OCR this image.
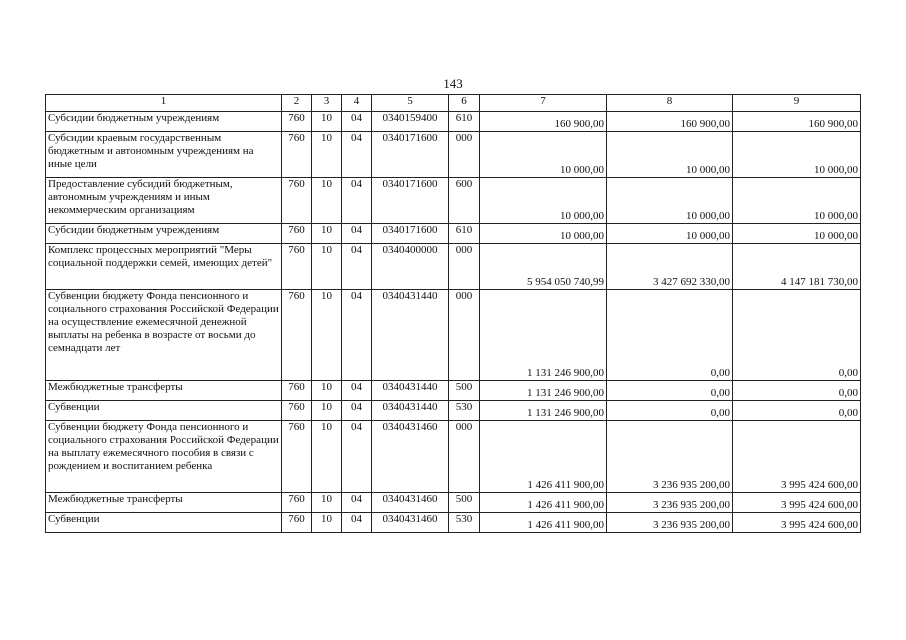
143
1	2	3	4	5	6	7	8	9
Субсидии бюджетным учреждениям	760	10	04	0340159400	610	160 900,00	160 900,00	160 900,00
Субсидии краевым государственным бюджетным и автономным учреждениям на иные цели	760	10	04	0340171600	000	10 000,00	10 000,00	10 000,00
Предоставление субсидий бюджетным, автономным учреждениям и иным некоммерческим организациям	760	10	04	0340171600	600	10 000,00	10 000,00	10 000,00
Субсидии бюджетным учреждениям	760	10	04	0340171600	610	10 000,00	10 000,00	10 000,00
Комплекс процессных мероприятий "Меры социальной поддержки семей, имеющих детей"	760	10	04	0340400000	000	5 954 050 740,99	3 427 692 330,00	4 147 181 730,00
Субвенции бюджету Фонда пенсионного и социального страхования Российской Федерации на осуществление ежемесячной денежной выплаты на ребенка в возрасте от восьми до семнадцати лет	760	10	04	0340431440	000	1 131 246 900,00	0,00	0,00
Межбюджетные трансферты	760	10	04	0340431440	500	1 131 246 900,00	0,00	0,00
Субвенции	760	10	04	0340431440	530	1 131 246 900,00	0,00	0,00
Субвенции бюджету Фонда пенсионного и социального страхования Российской Федерации на выплату ежемесячного пособия в связи с рождением и воспитанием ребенка	760	10	04	0340431460	000	1 426 411 900,00	3 236 935 200,00	3 995 424 600,00
Межбюджетные трансферты	760	10	04	0340431460	500	1 426 411 900,00	3 236 935 200,00	3 995 424 600,00
Субвенции	760	10	04	0340431460	530	1 426 411 900,00	3 236 935 200,00	3 995 424 600,00
